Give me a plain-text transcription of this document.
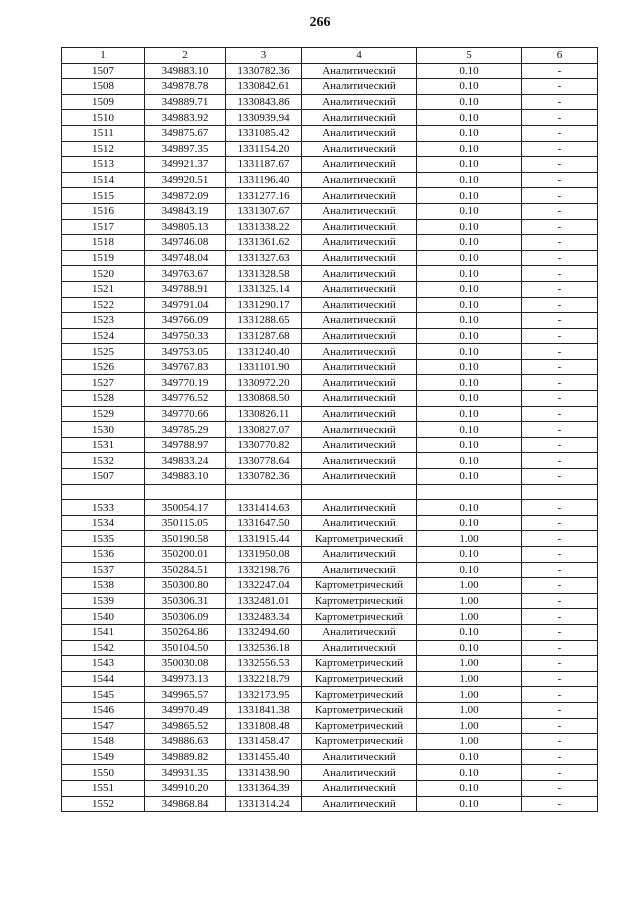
266
1	2	3	4	5	6
1507	349883.10	1330782.36	Аналитический	0.10	-
1508	349878.78	1330842.61	Аналитический	0.10	-
1509	349889.71	1330843.86	Аналитический	0.10	-
1510	349883.92	1330939.94	Аналитический	0.10	-
1511	349875.67	1331085.42	Аналитический	0.10	-
1512	349897.35	1331154.20	Аналитический	0.10	-
1513	349921.37	1331187.67	Аналитический	0.10	-
1514	349920.51	1331196.40	Аналитический	0.10	-
1515	349872.09	1331277.16	Аналитический	0.10	-
1516	349843.19	1331307.67	Аналитический	0.10	-
1517	349805.13	1331338.22	Аналитический	0.10	-
1518	349746.08	1331361.62	Аналитический	0.10	-
1519	349748.04	1331327.63	Аналитический	0.10	-
1520	349763.67	1331328.58	Аналитический	0.10	-
1521	349788.91	1331325.14	Аналитический	0.10	-
1522	349791.04	1331290.17	Аналитический	0.10	-
1523	349766.09	1331288.65	Аналитический	0.10	-
1524	349750.33	1331287.68	Аналитический	0.10	-
1525	349753.05	1331240.40	Аналитический	0.10	-
1526	349767.83	1331101.90	Аналитический	0.10	-
1527	349770.19	1330972.20	Аналитический	0.10	-
1528	349776.52	1330868.50	Аналитический	0.10	-
1529	349770.66	1330826.11	Аналитический	0.10	-
1530	349785.29	1330827.07	Аналитический	0.10	-
1531	349788.97	1330770.82	Аналитический	0.10	-
1532	349833.24	1330778.64	Аналитический	0.10	-
1507	349883.10	1330782.36	Аналитический	0.10	-

1533	350054.17	1331414.63	Аналитический	0.10	-
1534	350115.05	1331647.50	Аналитический	0.10	-
1535	350190.58	1331915.44	Картометрический	1.00	-
1536	350200.01	1331950.08	Аналитический	0.10	-
1537	350284.51	1332198.76	Аналитический	0.10	-
1538	350300.80	1332247.04	Картометрический	1.00	-
1539	350306.31	1332481.01	Картометрический	1.00	-
1540	350306.09	1332483.34	Картометрический	1.00	-
1541	350264.86	1332494.60	Аналитический	0.10	-
1542	350104.50	1332536.18	Аналитический	0.10	-
1543	350030.08	1332556.53	Картометрический	1.00	-
1544	349973.13	1332218.79	Картометрический	1.00	-
1545	349965.57	1332173.95	Картометрический	1.00	-
1546	349970.49	1331841.38	Картометрический	1.00	-
1547	349865.52	1331808.48	Картометрический	1.00	-
1548	349886.63	1331458.47	Картометрический	1.00	-
1549	349889.82	1331455.40	Аналитический	0.10	-
1550	349931.35	1331438.90	Аналитический	0.10	-
1551	349910.20	1331364.39	Аналитический	0.10	-
1552	349868.84	1331314.24	Аналитический	0.10	-
